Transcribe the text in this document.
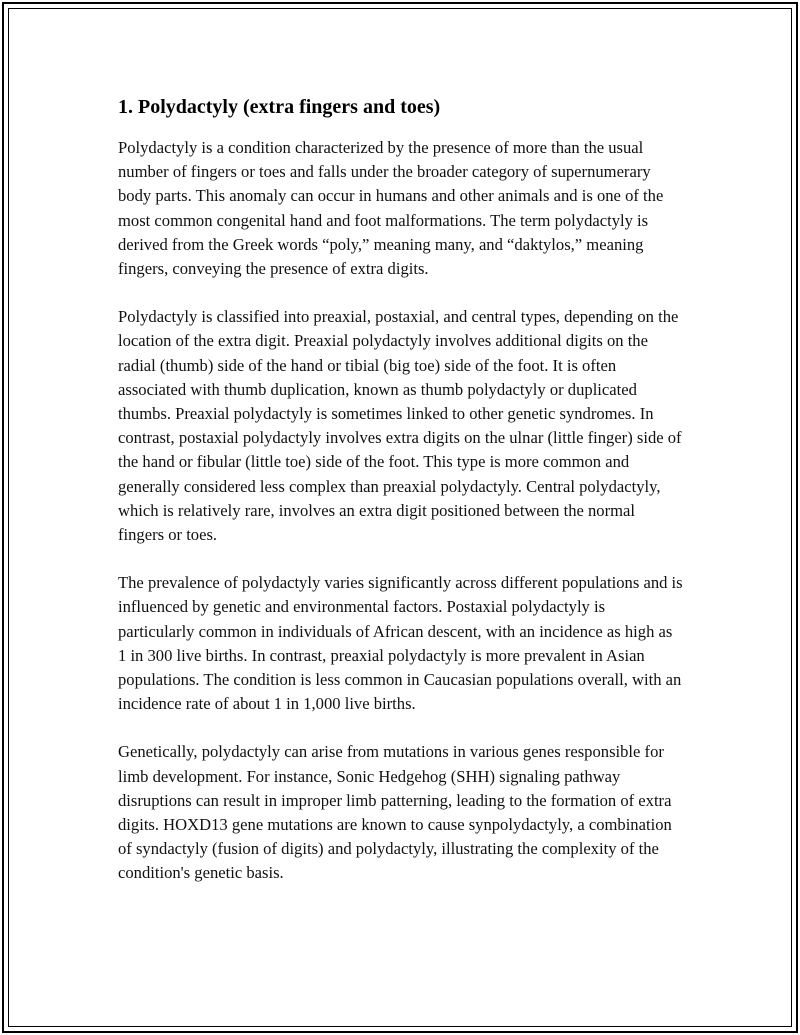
1. Polydactyly (extra fingers and toes)

Polydactyly is a condition characterized by the presence of more than the usual number of fingers or toes and falls under the broader category of supernumerary body parts. This anomaly can occur in humans and other animals and is one of the most common congenital hand and foot malformations. The term polydactyly is derived from the Greek words “poly,” meaning many, and “daktylos,” meaning fingers, conveying the presence of extra digits.

Polydactyly is classified into preaxial, postaxial, and central types, depending on the location of the extra digit. Preaxial polydactyly involves additional digits on the radial (thumb) side of the hand or tibial (big toe) side of the foot. It is often associated with thumb duplication, known as thumb polydactyly or duplicated thumbs. Preaxial polydactyly is sometimes linked to other genetic syndromes. In contrast, postaxial polydactyly involves extra digits on the ulnar (little finger) side of the hand or fibular (little toe) side of the foot. This type is more common and generally considered less complex than preaxial polydactyly. Central polydactyly, which is relatively rare, involves an extra digit positioned between the normal fingers or toes.

The prevalence of polydactyly varies significantly across different populations and is influenced by genetic and environmental factors. Postaxial polydactyly is particularly common in individuals of African descent, with an incidence as high as 1 in 300 live births. In contrast, preaxial polydactyly is more prevalent in Asian populations. The condition is less common in Caucasian populations overall, with an incidence rate of about 1 in 1,000 live births.

Genetically, polydactyly can arise from mutations in various genes responsible for limb development. For instance, Sonic Hedgehog (SHH) signaling pathway disruptions can result in improper limb patterning, leading to the formation of extra digits. HOXD13 gene mutations are known to cause synpolydactyly, a combination of syndactyly (fusion of digits) and polydactyly, illustrating the complexity of the condition's genetic basis.
